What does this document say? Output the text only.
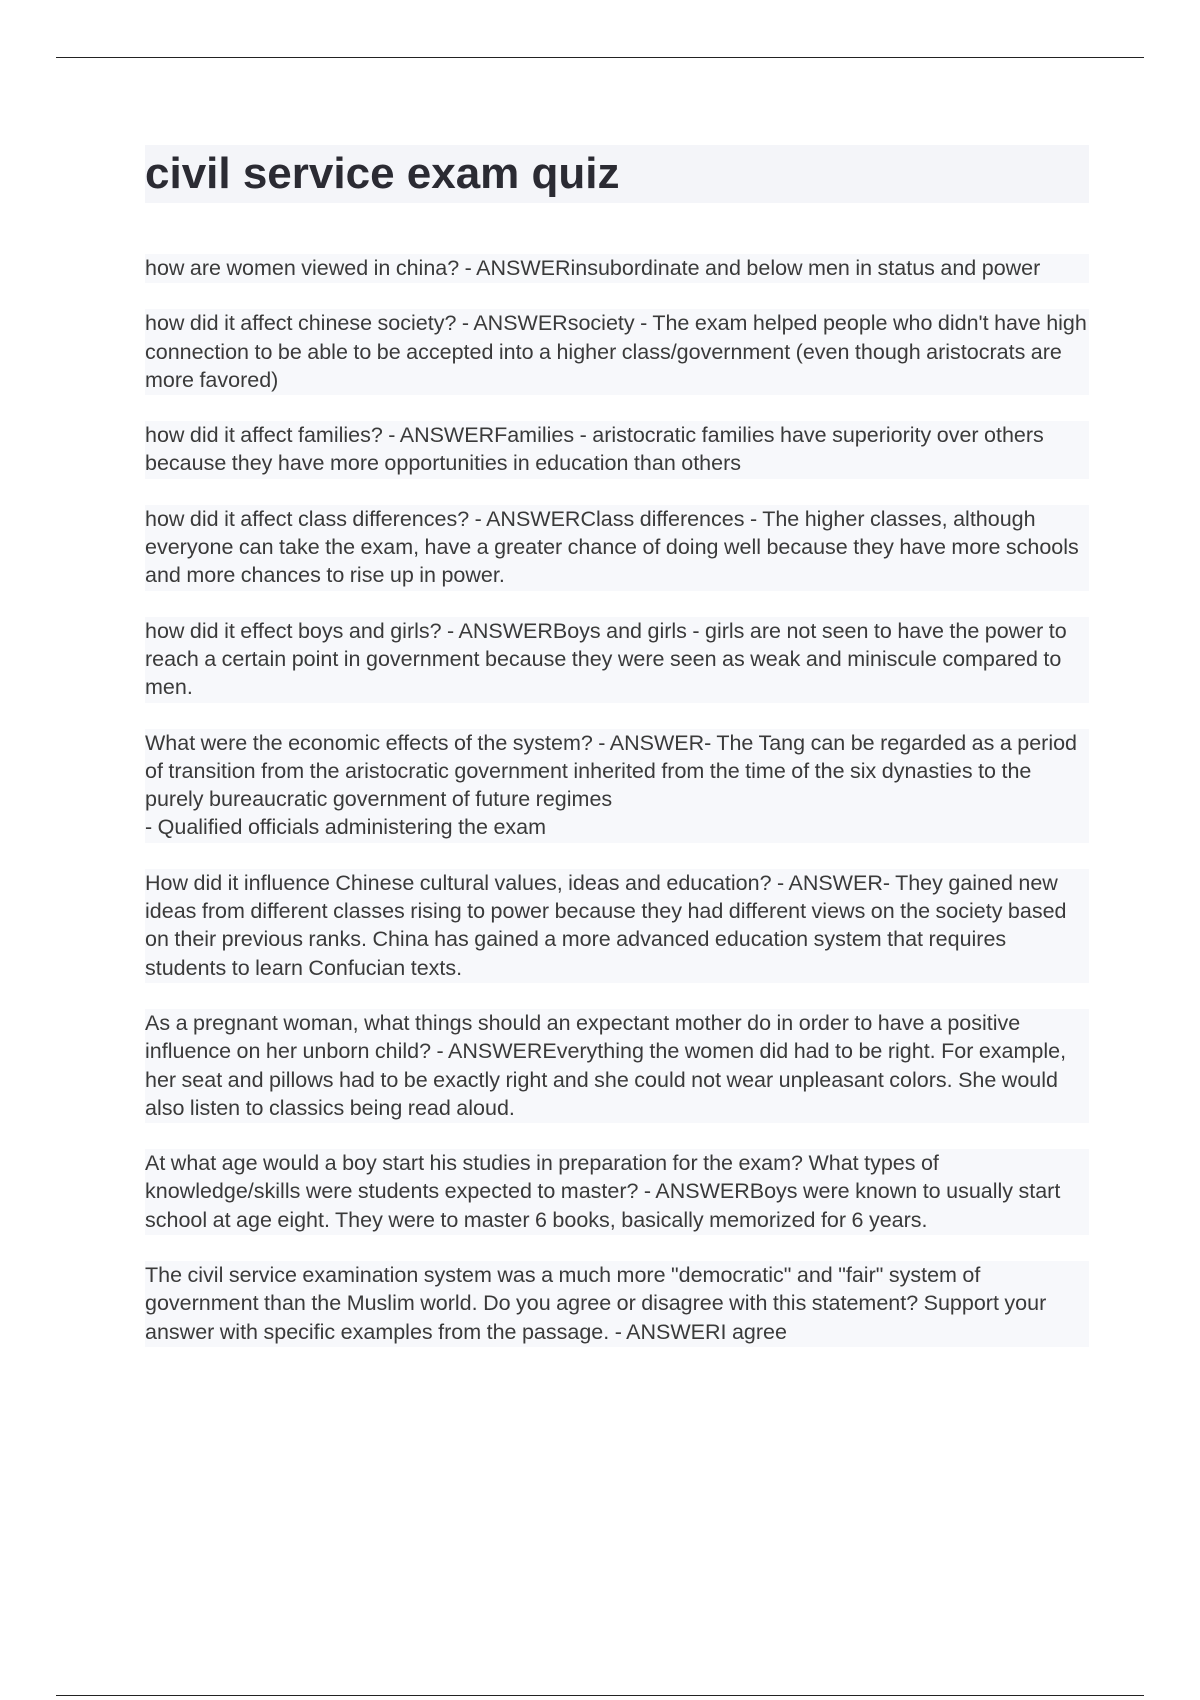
civil service exam quiz

how are women viewed in china? - ANSWERinsubordinate and below men in status and power

how did it affect chinese society? - ANSWERsociety - The exam helped people who didn't have high connection to be able to be accepted into a higher class/government (even though aristocrats are more favored)

how did it affect families? - ANSWERFamilies - aristocratic families have superiority over others because they have more opportunities in education than others

how did it affect class differences? - ANSWERClass differences - The higher classes, although everyone can take the exam, have a greater chance of doing well because they have more schools and more chances to rise up in power.

how did it effect boys and girls? - ANSWERBoys and girls - girls are not seen to have the power to reach a certain point in government because they were seen as weak and miniscule compared to men.

What were the economic effects of the system? - ANSWER- The Tang can be regarded as a period of transition from the aristocratic government inherited from the time of the six dynasties to the purely bureaucratic government of future regimes
- Qualified officials administering the exam

How did it influence Chinese cultural values, ideas and education? - ANSWER- They gained new ideas from different classes rising to power because they had different views on the society based on their previous ranks. China has gained a more advanced education system that requires students to learn Confucian texts.

As a pregnant woman, what things should an expectant mother do in order to have a positive influence on her unborn child? - ANSWEREverything the women did had to be right. For example, her seat and pillows had to be exactly right and she could not wear unpleasant colors. She would also listen to classics being read aloud.

At what age would a boy start his studies in preparation for the exam? What types of knowledge/skills were students expected to master? - ANSWERBoys were known to usually start school at age eight. They were to master 6 books, basically memorized for 6 years.

The civil service examination system was a much more "democratic" and "fair" system of government than the Muslim world. Do you agree or disagree with this statement? Support your answer with specific examples from the passage. - ANSWERI agree
